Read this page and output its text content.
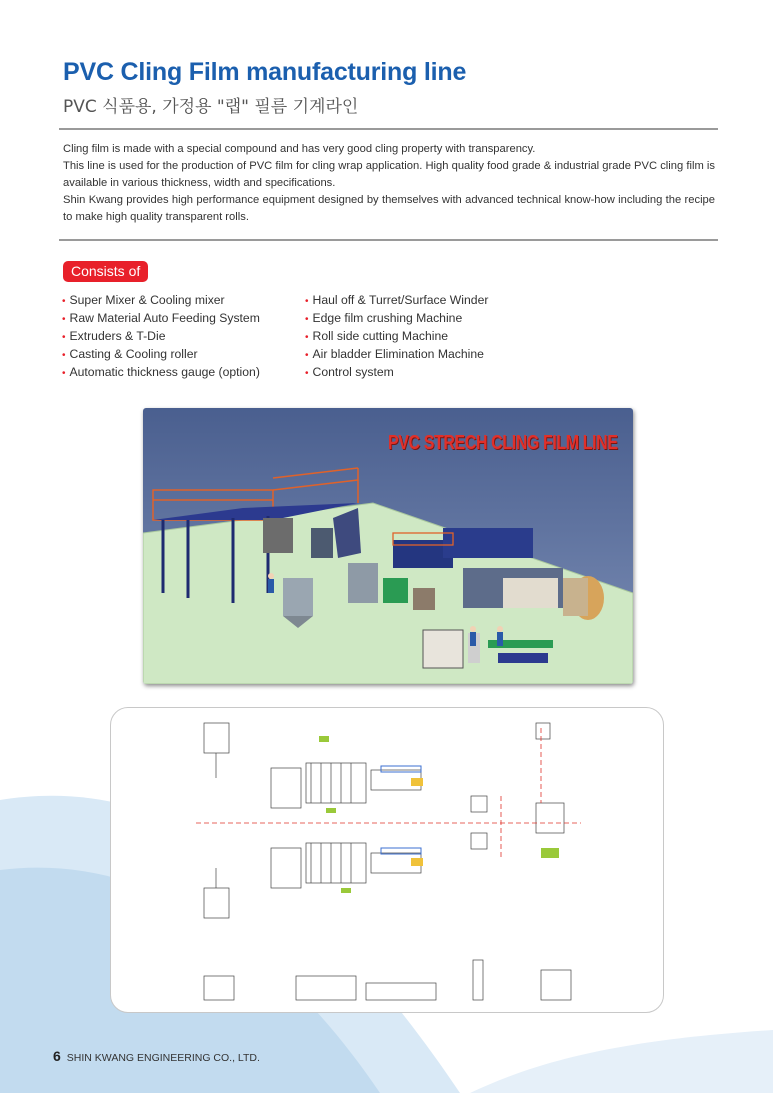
PVC Cling Film manufacturing line
PVC 식품용, 가정용 "랩" 필름 기계라인

Cling film is made with a special compound and has very good cling property with transparency.

This line is used for the production of PVC film for cling wrap application. High quality food grade & industrial grade PVC cling film is available in various thickness, width and specifications.

Shin Kwang provides high performance equipment designed by themselves with advanced technical know-how including the recipe to make high quality transparent rolls.

Consists of
• Super Mixer & Cooling mixer
• Raw Material Auto Feeding System
• Extruders & T-Die
• Casting & Cooling roller
• Automatic thickness gauge (option)
• Haul off & Turret/Surface Winder
• Edge film crushing Machine
• Roll side cutting Machine
• Air bladder Elimination Machine
• Control system
PVC STRECH CLING FILM LINE
6 SHIN KWANG ENGINEERING CO., LTD.
